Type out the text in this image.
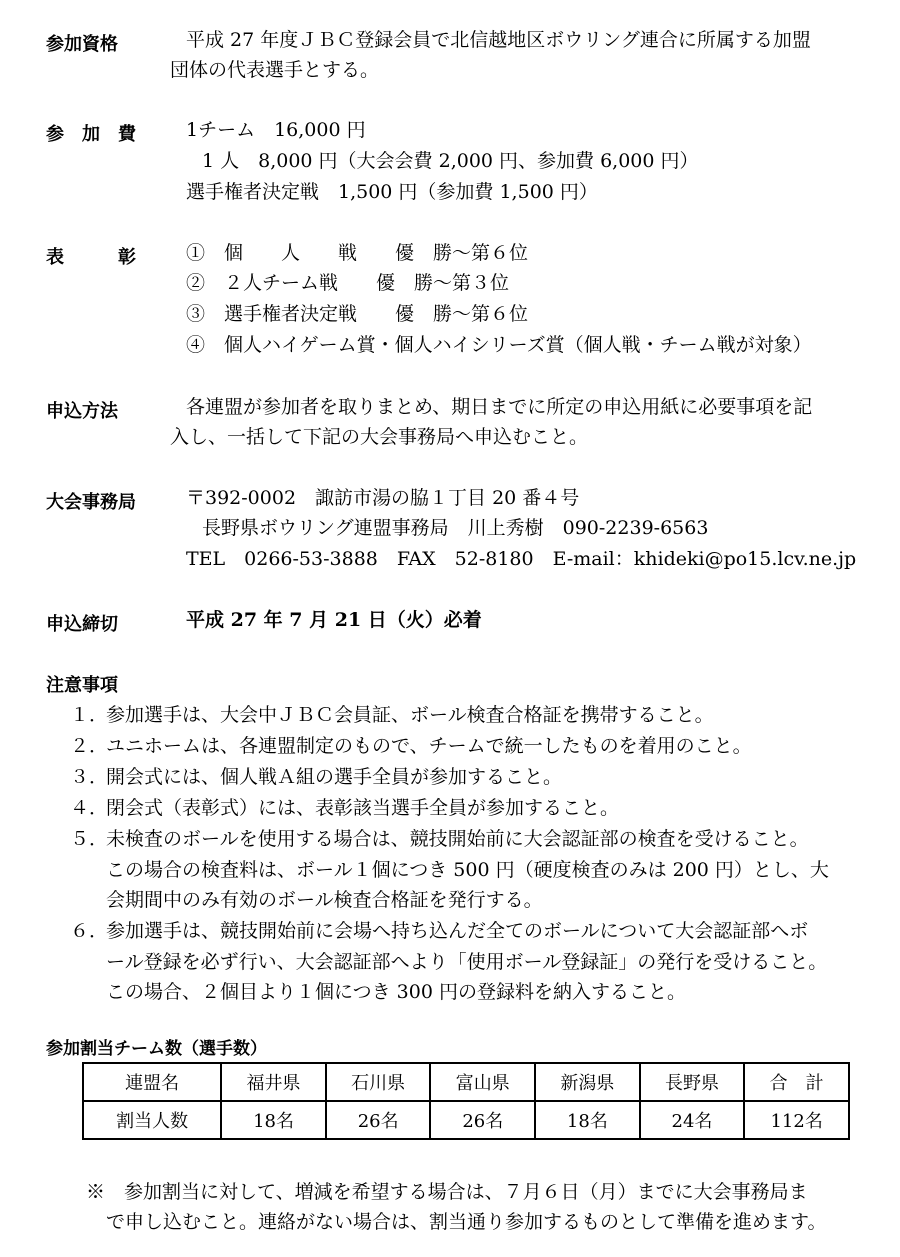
参加資格	平成 27 年度ＪＢＣ登録会員で北信越地区ボウリング連合に所属する加盟
団体の代表選手とする。
参　加　費	1チーム　16,000 円
1 人　8,000 円（大会会費 2,000 円、参加費 6,000 円）
選手権者決定戦　1,500 円（参加費 1,500 円）
表　　　彰	①　個　　人　　戦　　優　勝～第６位
②　２人チーム戦　　優　勝～第３位
③　選手権者決定戦　　優　勝～第６位
④　個人ハイゲーム賞・個人ハイシリーズ賞（個人戦・チーム戦が対象）
申込方法	各連盟が参加者を取りまとめ、期日までに所定の申込用紙に必要事項を記
入し、一括して下記の大会事務局へ申込むこと。
大会事務局	〒392-0002　諏訪市湯の脇１丁目 20 番４号
長野県ボウリング連盟事務局　川上秀樹　090-2239-6563
TEL　0266-53-3888　FAX　52-8180　E-mail：khideki@po15.lcv.ne.jp
申込締切	平成 27 年 7 月 21 日（火）必着
注意事項
１．
参加選手は、大会中ＪＢＣ会員証、ボール検査合格証を携帯すること。
２．
ユニホームは、各連盟制定のもので、チームで統一したものを着用のこと。
３．
開会式には、個人戦Ａ組の選手全員が参加すること。
４．
閉会式（表彰式）には、表彰該当選手全員が参加すること。
５．
未検査のボールを使用する場合は、競技開始前に大会認証部の検査を受けること。
この場合の検査料は、ボール１個につき 500 円（硬度検査のみは 200 円）とし、大
会期間中のみ有効のボール検査合格証を発行する。
６．
参加選手は、競技開始前に会場へ持ち込んだ全てのボールについて大会認証部へボ
ール登録を必ず行い、大会認証部へより「使用ボール登録証」の発行を受けること。
この場合、２個目より１個につき 300 円の登録料を納入すること。
参加割当チーム数（選手数）
連盟名	福井県	石川県	富山県	新潟県	長野県	合　計
割当人数	18名	26名	26名	18名	24名	112名
※　参加割当に対して、増減を希望する場合は、７月６日（月）までに大会事務局ま
で申し込むこと。連絡がない場合は、割当通り参加するものとして準備を進めます。
